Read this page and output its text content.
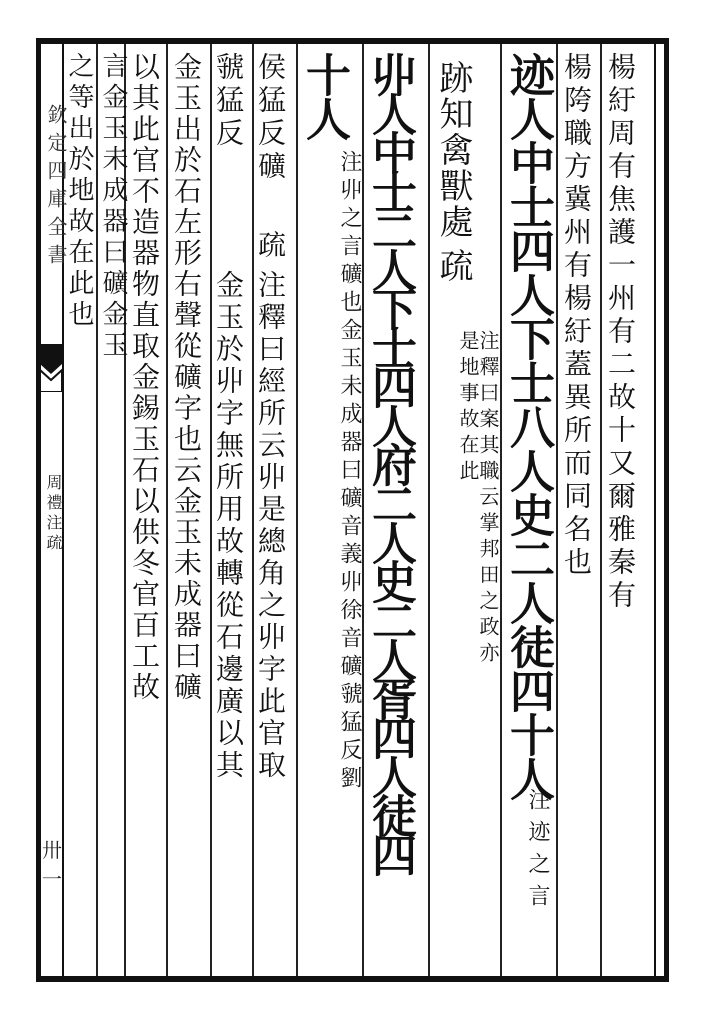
欽定四庫全書
周禮注疏
卅一
楊紆周有焦護一州有二故十又爾雅秦有
楊陓職方冀州有楊紆蓋異所而同名也
迹人中士四人下士八人史二人徒四十人
注迹之言
跡知禽獸處
疏
注釋曰案其職云掌邦田之政亦是地事故在此
丱人中士二人下士四人府二人史二人胥四人徒四
十人
注丱之言礦也金玉未成器曰礦音義丱徐音礦虢猛反劉
侯猛反礦
疏
注釋曰經所云丱是總角之丱字此官取
虢猛反
金玉於丱字無所用故轉從石邊廣以其
金玉出於石左形右聲從礦字也云金玉未成器曰礦
以其此官不造器物直取金錫玉石以供冬官百工故
言金玉未成器曰礦金玉
之等出於地故在此也
